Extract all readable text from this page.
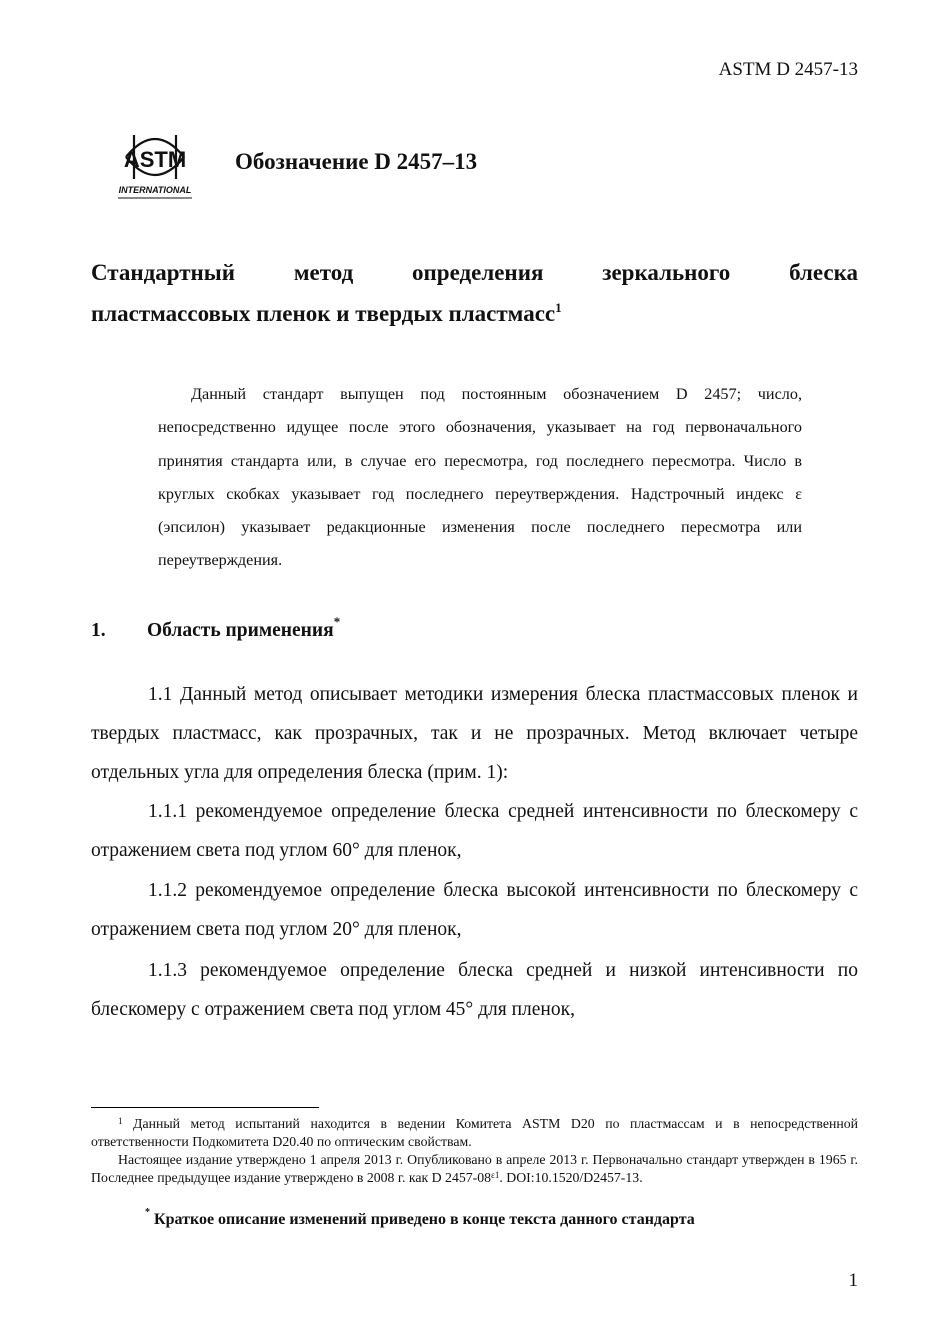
ASTM D 2457-13
ASTM
INTERNATIONAL
Обозначение D 2457–13
Стандартный	метод	определения	зеркального	блеска
пластмассовых пленок и твердых пластмасс$^1$

Данный стандарт выпущен под постоянным обозначением D 2457; число, непосредственно идущее после этого обозначения, указывает на год первоначального принятия стандарта или, в случае его пересмотра, год последнего пересмотра. Число в круглых скобках указывает год последнего переутверждения. Надстрочный индекс ε (эпсилон) указывает редакционные изменения после последнего пересмотра или переутверждения.

1. Область применения*

1.1 Данный метод описывает методики измерения блеска пластмассовых пленок и твердых пластмасс, как прозрачных, так и не прозрачных. Метод включает четыре отдельных угла для определения блеска (прим. 1):

1.1.1 рекомендуемое определение блеска средней интенсивности по блескомеру с отражением света под углом 60° для пленок,

1.1.2 рекомендуемое определение блеска высокой интенсивности по блескомеру с отражением света под углом 20° для пленок,

1.1.3 рекомендуемое определение блеска средней и низкой интенсивности по блескомеру с отражением света под углом 45° для пленок,

$^1$ Данный метод испытаний находится в ведении Комитета ASTM D20 по пластмассам и в непосредственной ответственности Подкомитета D20.40 по оптическим свойствам.

Настоящее издание утверждено 1 апреля 2013 г. Опубликовано в апреле 2013 г. Первоначально стандарт утвержден в 1965 г. Последнее предыдущее издание утверждено в 2008 г. как D $2457-08^{\varepsilon 1}$. DOI:10.1520/D2457-13.

* Краткое описание изменений приведено в конце текста данного стандарта
1
